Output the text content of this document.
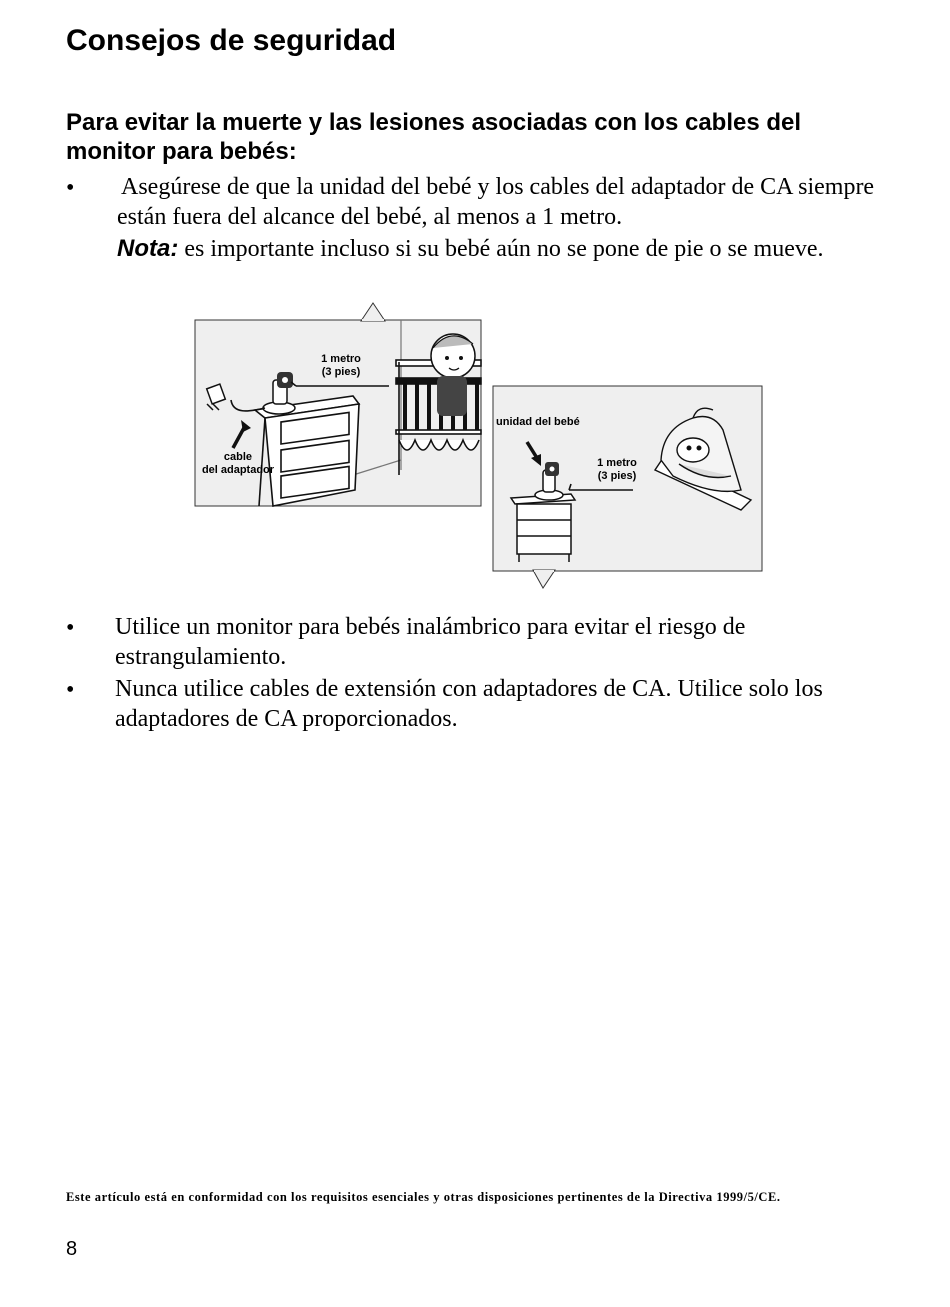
Consejos de seguridad
Para evitar la muerte y las lesiones asociadas con los cables del monitor para bebés:
• Asegúrese de que la unidad del bebé y los cables del adaptador de CA siempre están fuera del alcance del bebé, al menos a 1 metro.
Nota: es importante incluso si su bebé aún no se pone de pie o se mueve.
1 metro
(3 pies)
cable
del adaptador
unidad del bebé
1 metro
(3 pies)
• Utilice un monitor para bebés inalámbrico para evitar el riesgo de estrangulamiento.
• Nunca utilice cables de extensión con adaptadores de CA. Utilice solo los adaptadores de CA proporcionados.
Este artículo está en conformidad con los requisitos esenciales y otras disposiciones pertinentes de la Directiva 1999/5/CE.
8
